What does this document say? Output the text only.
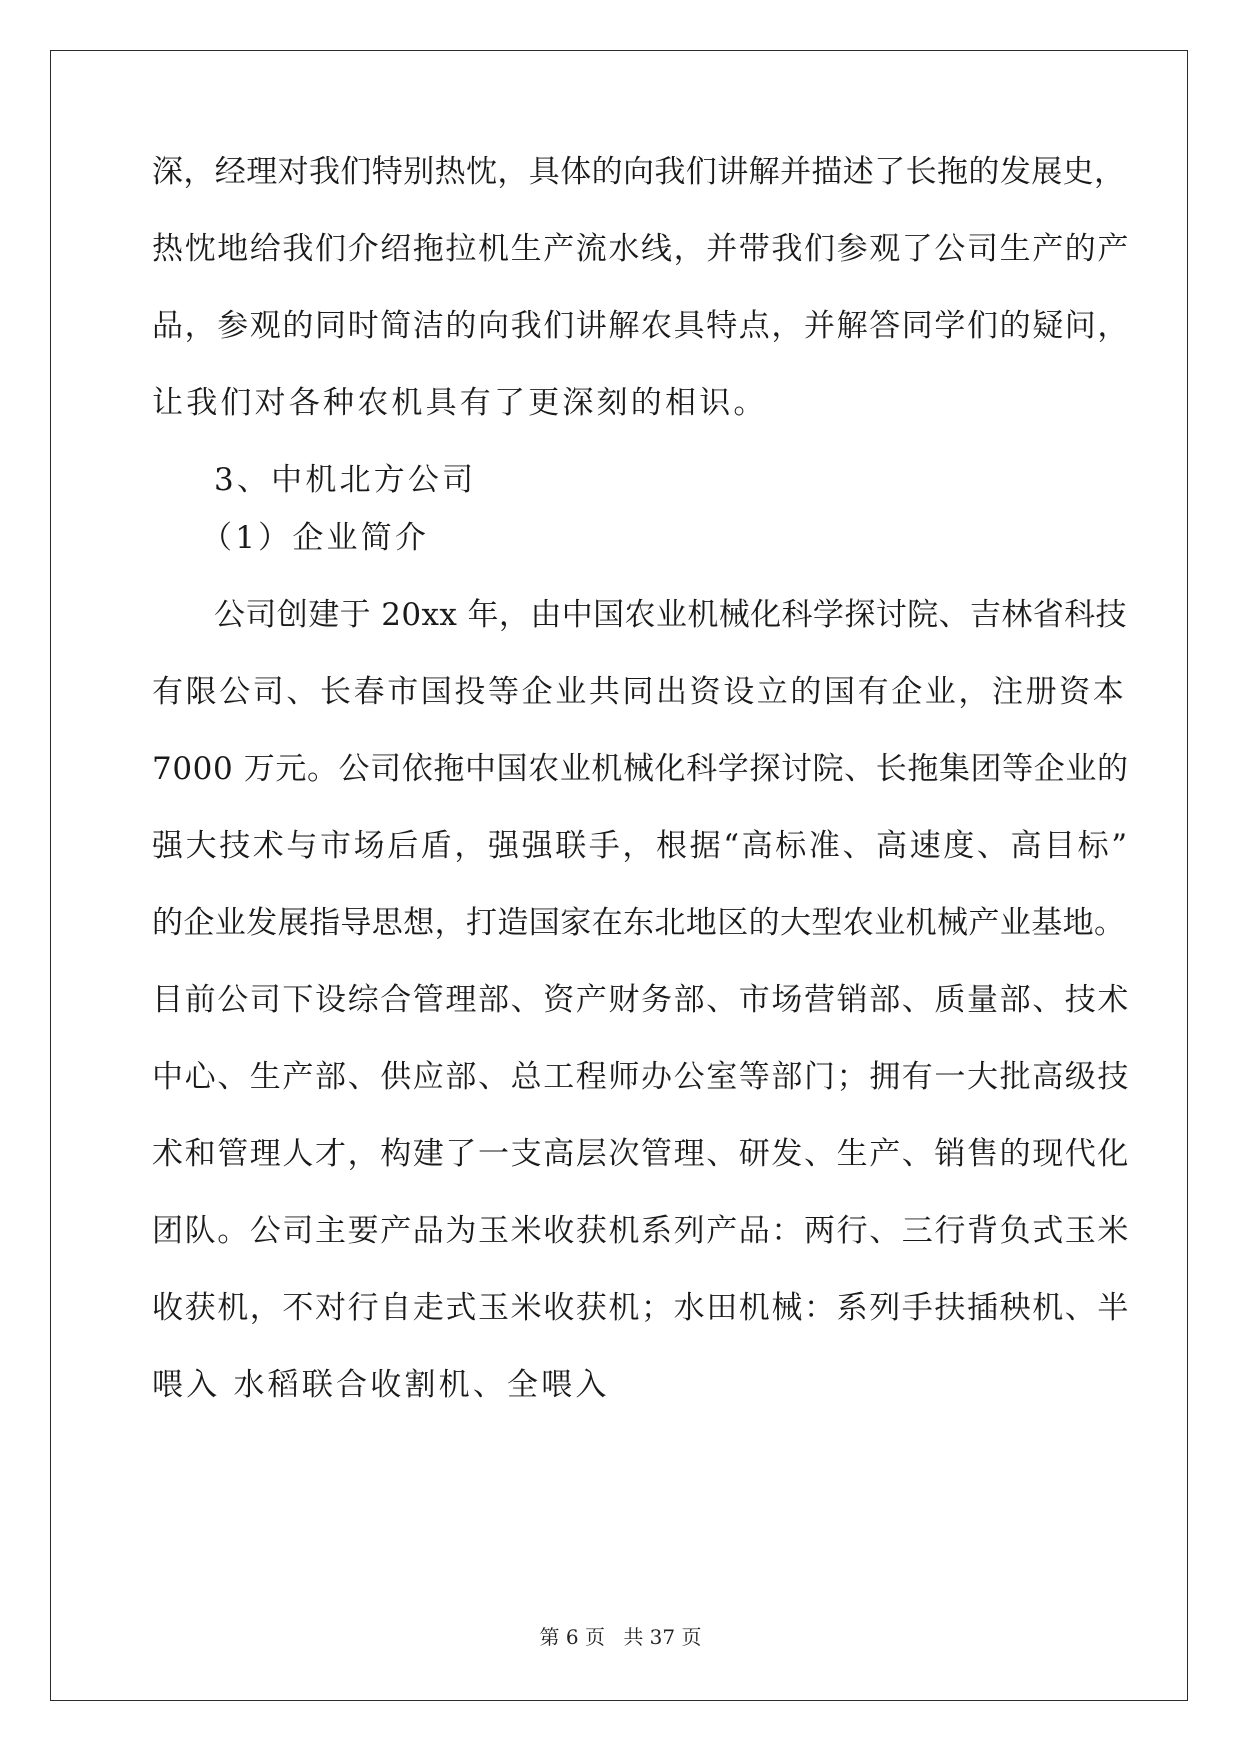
深，经理对我们特别热忱，具体的向我们讲解并描述了长拖的发展史，
热忱地给我们介绍拖拉机生产流水线，并带我们参观了公司生产的产
品，参观的同时简洁的向我们讲解农具特点，并解答同学们的疑问，
让我们对各种农机具有了更深刻的相识。
3、中机北方公司
（1）企业简介
公司创建于 20xx 年，由中国农业机械化科学探讨院、吉林省科技
有限公司、长春市国投等企业共同出资设立的国有企业，注册资本
7000 万元。公司依拖中国农业机械化科学探讨院、长拖集团等企业的
强大技术与市场后盾，强强联手，根据“高标准、高速度、高目标”
的企业发展指导思想，打造国家在东北地区的大型农业机械产业基地。
目前公司下设综合管理部、资产财务部、市场营销部、质量部、技术
中心、生产部、供应部、总工程师办公室等部门；拥有一大批高级技
术和管理人才，构建了一支高层次管理、研发、生产、销售的现代化
团队。公司主要产品为玉米收获机系列产品：两行、三行背负式玉米
收获机，不对行自走式玉米收获机；水田机械：系列手扶插秧机、半
喂入 水稻联合收割机、全喂入
第 6 页 共 37 页
